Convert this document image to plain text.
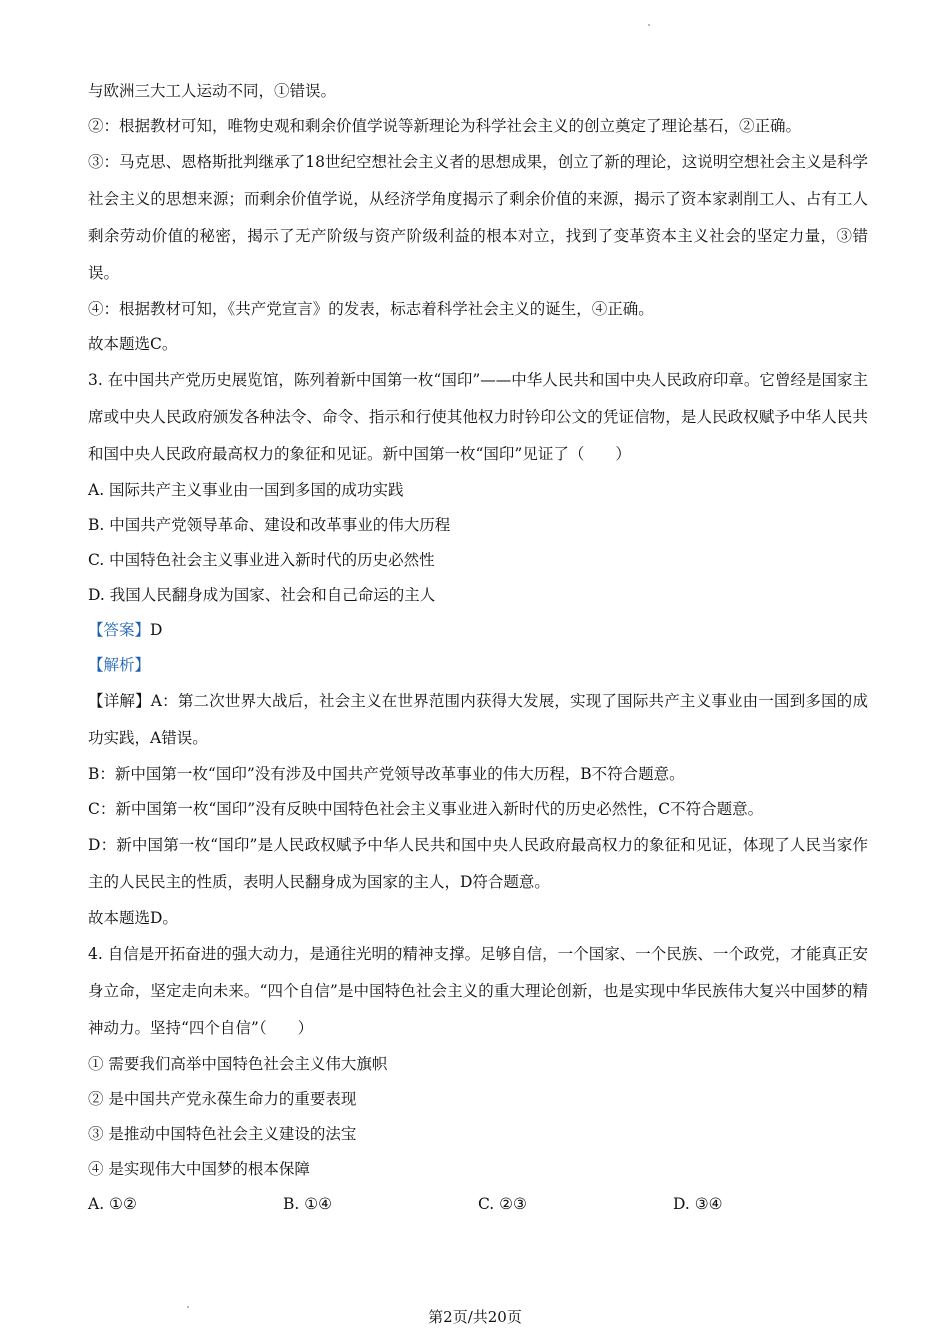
与欧洲三大工人运动不同，①错误。

②：根据教材可知，唯物史观和剩余价值学说等新理论为科学社会主义的创立奠定了理论基石，②正确。

③：马克思、恩格斯批判继承了18世纪空想社会主义者的思想成果，创立了新的理论，这说明空想社会主义是科学社会主义的思想来源；而剩余价值学说，从经济学角度揭示了剩余价值的来源，揭示了资本家剥削工人、占有工人剩余劳动价值的秘密，揭示了无产阶级与资产阶级利益的根本对立，找到了变革资本主义社会的坚定力量，③错误。

④：根据教材可知，《共产党宣言》的发表，标志着科学社会主义的诞生，④正确。

故本题选C。

3. 在中国共产党历史展览馆，陈列着新中国第一枚“国印”——中华人民共和国中央人民政府印章。它曾经是国家主席或中央人民政府颁发各种法令、命令、指示和行使其他权力时钤印公文的凭证信物，是人民政权赋予中华人民共和国中央人民政府最高权力的象征和见证。新中国第一枚“国印”见证了（　　）

A. 国际共产主义事业由一国到多国的成功实践

B. 中国共产党领导革命、建设和改革事业的伟大历程

C. 中国特色社会主义事业进入新时代的历史必然性

D. 我国人民翻身成为国家、社会和自己命运的主人

【答案】D

【解析】

【详解】A：第二次世界大战后，社会主义在世界范围内获得大发展，实现了国际共产主义事业由一国到多国的成功实践，A错误。

B：新中国第一枚“国印”没有涉及中国共产党领导改革事业的伟大历程，B不符合题意。

C：新中国第一枚“国印”没有反映中国特色社会主义事业进入新时代的历史必然性，C不符合题意。

D：新中国第一枚“国印”是人民政权赋予中华人民共和国中央人民政府最高权力的象征和见证，体现了人民当家作主的人民民主的性质，表明人民翻身成为国家的主人，D符合题意。

故本题选D。

4. 自信是开拓奋进的强大动力，是通往光明的精神支撑。足够自信，一个国家、一个民族、一个政党，才能真正安身立命，坚定走向未来。“四个自信”是中国特色社会主义的重大理论创新，也是实现中华民族伟大复兴中国梦的精神动力。坚持“四个自信”（　　）

① 需要我们高举中国特色社会主义伟大旗帜

② 是中国共产党永葆生命力的重要表现

③ 是推动中国特色社会主义建设的法宝

④ 是实现伟大中国梦的根本保障

A. ①②	B. ①④	C. ②③	D. ③④
第2页/共20页
